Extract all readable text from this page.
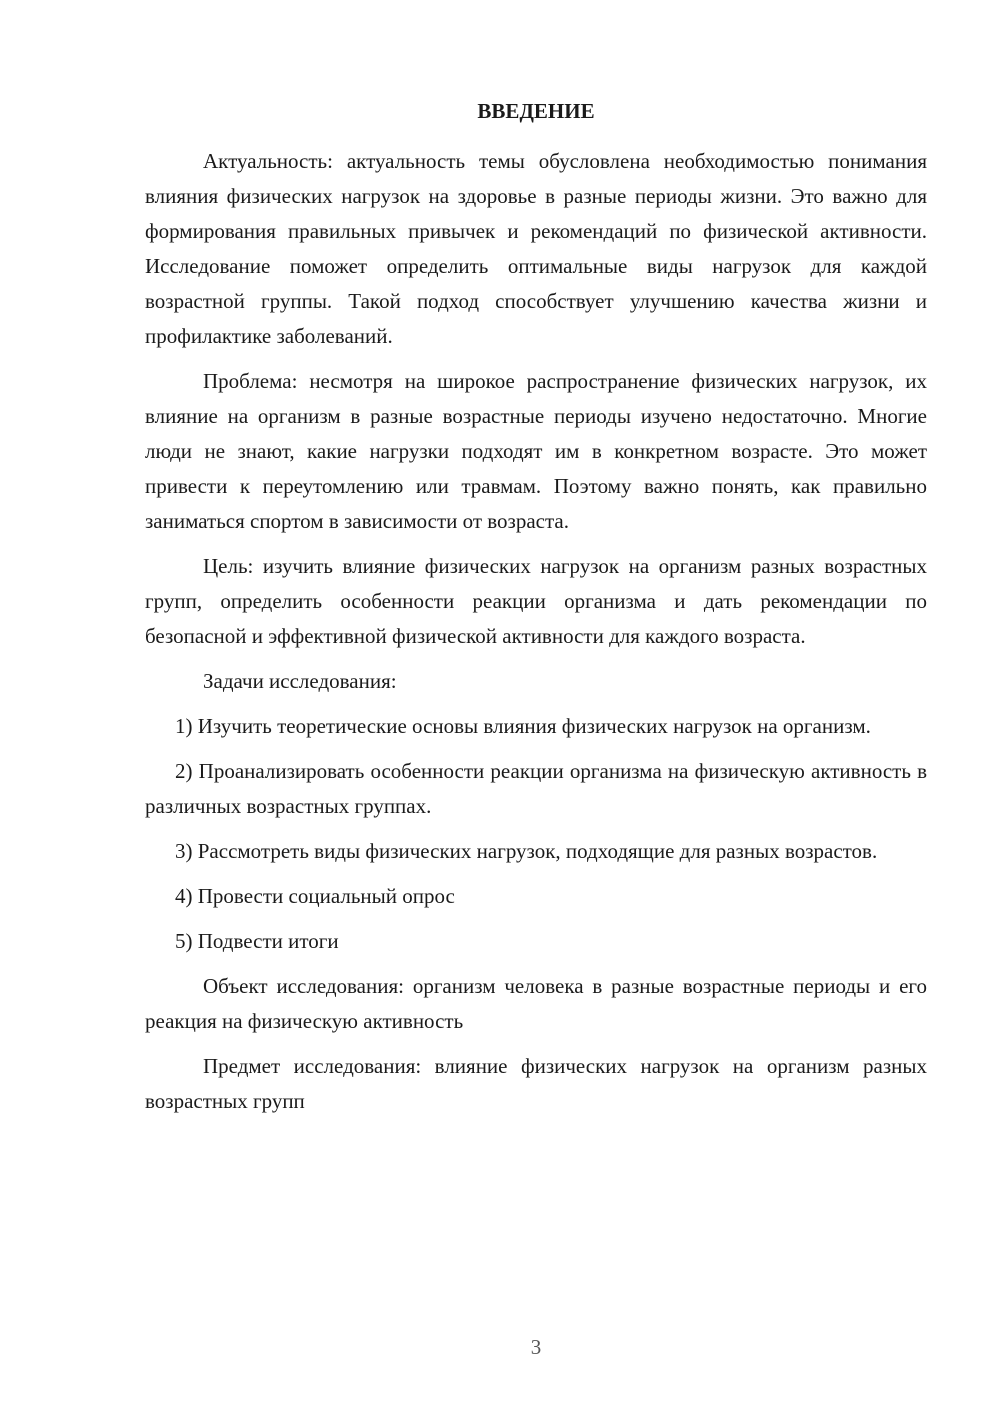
ВВЕДЕНИЕ

Актуальность: актуальность темы обусловлена необходимостью понимания влияния физических нагрузок на здоровье в разные периоды жизни. Это важно для формирования правильных привычек и рекомендаций по физической активности. Исследование поможет определить оптимальные виды нагрузок для каждой возрастной группы. Такой подход способствует улучшению качества жизни и профилактике заболеваний.

Проблема: несмотря на широкое распространение физических нагрузок, их влияние на организм в разные возрастные периоды изучено недостаточно. Многие люди не знают, какие нагрузки подходят им в конкретном возрасте. Это может привести к переутомлению или травмам. Поэтому важно понять, как правильно заниматься спортом в зависимости от возраста.

Цель: изучить влияние физических нагрузок на организм разных возрастных групп, определить особенности реакции организма и дать рекомендации по безопасной и эффективной физической активности для каждого возраста.

Задачи исследования:

1) Изучить теоретические основы влияния физических нагрузок на организм.

2) Проанализировать особенности реакции организма на физическую активность в различных возрастных группах.

3) Рассмотреть виды физических нагрузок, подходящие для разных возрастов.

4) Провести социальный опрос

5) Подвести итоги

Объект исследования: организм человека в разные возрастные периоды и его реакция на физическую активность

Предмет исследования: влияние физических нагрузок на организм разных возрастных групп

3
